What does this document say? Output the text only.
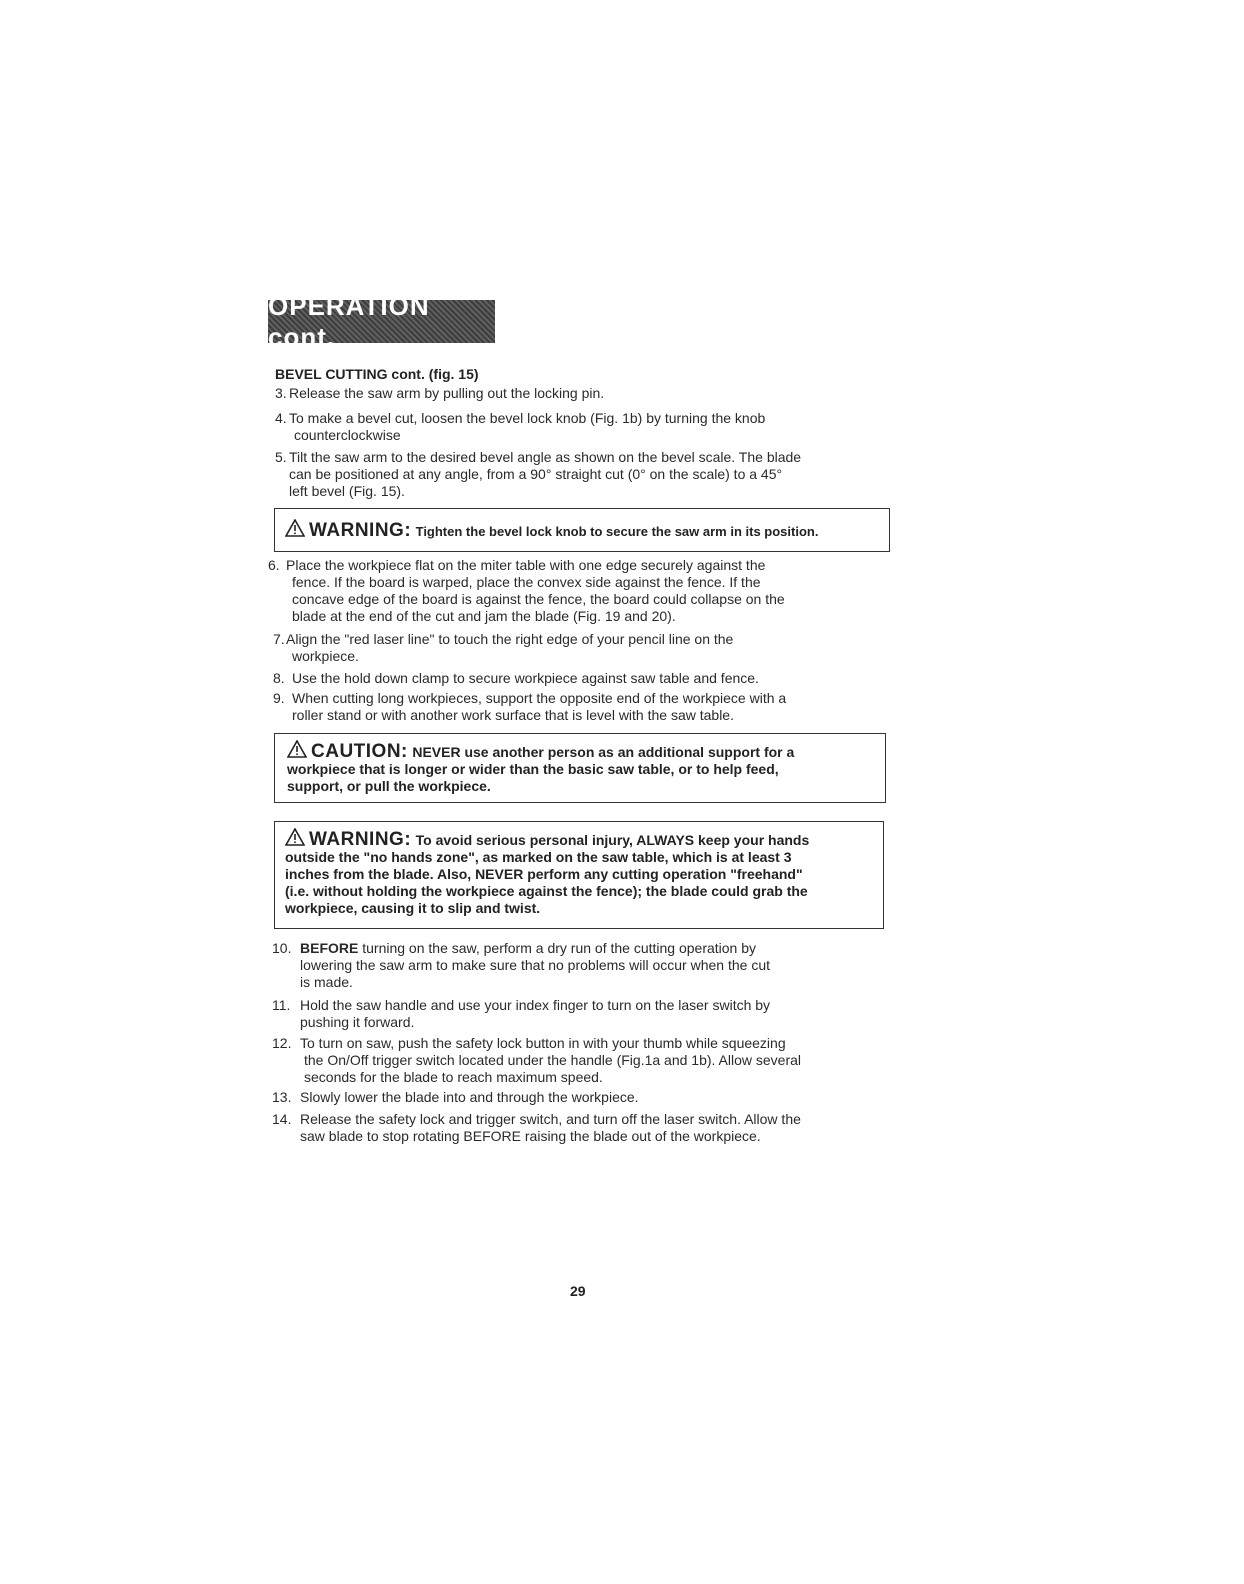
OPERATION cont.
BEVEL CUTTING cont. (fig. 15)
3. Release the saw arm by pulling out the locking pin.
4. To make a bevel cut, loosen the bevel lock knob (Fig. 1b) by turning the knob
counterclockwise
5. Tilt the saw arm to the desired bevel angle as shown on the bevel scale. The blade
can be positioned at any angle, from a 90° straight cut (0° on the scale) to a 45°
left bevel (Fig. 15).

WARNING: Tighten the bevel lock knob to secure the saw arm in its position.

6. Place the workpiece flat on the miter table with one edge securely against the
fence. If the board is warped, place the convex side against the fence. If the
concave edge of the board is against the fence, the board could collapse on the
blade at the end of the cut and jam the blade (Fig. 19 and 20).
7. Align the "red laser line" to touch the right edge of your pencil line on the
workpiece.
8. Use the hold down clamp to secure workpiece against saw table and fence.
9. When cutting long workpieces, support the opposite end of the workpiece with a
roller stand or with another work surface that is level with the saw table.

CAUTION: NEVER use another person as an additional support for a

workpiece that is longer or wider than the basic saw table, or to help feed,

support, or pull the workpiece.

WARNING: To avoid serious personal injury, ALWAYS keep your hands

outside the "no hands zone", as marked on the saw table, which is at least 3

inches from the blade. Also, NEVER perform any cutting operation "freehand"

(i.e. without holding the workpiece against the fence); the blade could grab the

workpiece, causing it to slip and twist.

10. BEFORE turning on the saw, perform a dry run of the cutting operation by
lowering the saw arm to make sure that no problems will occur when the cut
is made.
11. Hold the saw handle and use your index finger to turn on the laser switch by
pushing it forward.
12. To turn on saw, push the safety lock button in with your thumb while squeezing
the On/Off trigger switch located under the handle (Fig.1a and 1b). Allow several
seconds for the blade to reach maximum speed.
13. Slowly lower the blade into and through the workpiece.
14. Release the safety lock and trigger switch, and turn off the laser switch. Allow the
saw blade to stop rotating BEFORE raising the blade out of the workpiece.
29
